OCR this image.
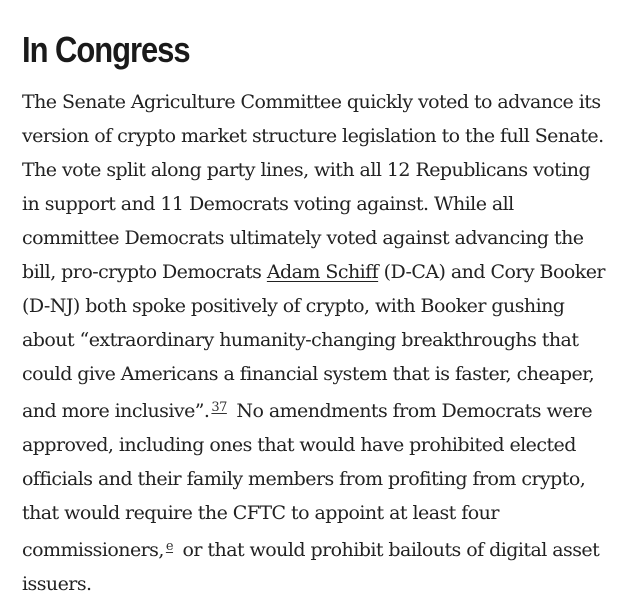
In Congress

The Senate Agriculture Committee quickly voted to advance its
version of crypto market structure legislation to the full Senate.
The vote split along party lines, with all 12 Republicans voting
in support and 11 Democrats voting against. While all
committee Democrats ultimately voted against advancing the
bill, pro-crypto Democrats Adam Schiff (D-CA) and Cory Booker
(D-NJ) both spoke positively of crypto, with Booker gushing
about “extraordinary humanity-changing breakthroughs that
could give Americans a financial system that is faster, cheaper,
and more inclusive”. $^{37}$ No amendments from Democrats were
approved, including ones that would have prohibited elected
officials and their family members from profiting from crypto,
that would require the CFTC to appoint at least four
commissioners, $^e$ or that would prohibit bailouts of digital asset
issuers.
